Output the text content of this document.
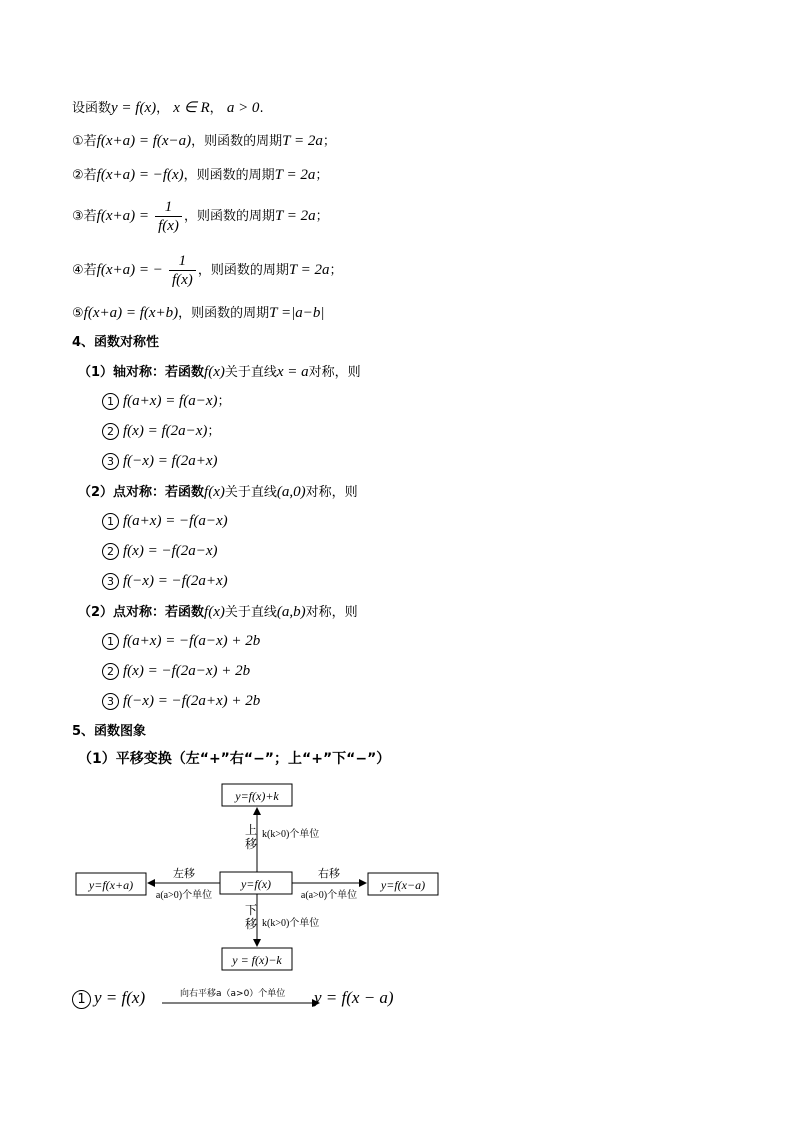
设函数y = f(x)， x ∈ R， a > 0.
①若f(x+a) = f(x−a)，则函数的周期T = 2a；
②若f(x+a) = −f(x)，则函数的周期T = 2a；
③若$f(x+a) = \frac{1}{f(x)}$ ，则函数的周期T = 2a；
④若f(x+a) = − $\frac{1}{f(x)}$ ，则函数的周期T = 2a；
⑤f(x+a) = f(x+b)，则函数的周期T =|a−b|
4、函数对称性
（1）轴对称：若函数f(x)关于直线x = a对称，则
1 f(a+x) = f(a−x)；
2 f(x) = f(2a−x)；
3 f(−x) = f(2a+x)
（2）点对称：若函数f(x)关于直线(a,0)对称，则
1 f(a+x) = −f(a−x)
2 f(x) = −f(2a−x)
3 f(−x) = −f(2a+x)
（2）点对称：若函数f(x)关于直线(a,b)对称，则
1 f(a+x) = −f(a−x) + 2b
2 f(x) = −f(2a−x) + 2b
3 f(−x) = −f(2a+x) + 2b
5、函数图象
（1）平移变换（左“+”右“−”；上“+”下“−”）
y=f(x)+k
y=f(x)
y=f(x+a)	y=f(x−a)
y = f(x)−k
上移
k(k>0)个单位
下移 k(k>0)个单位
左移
a(a>0)个单位
右移
a(a>0)个单位
1 y = f(x)	向右平移a（a>0）个单位 y = f(x − a)
